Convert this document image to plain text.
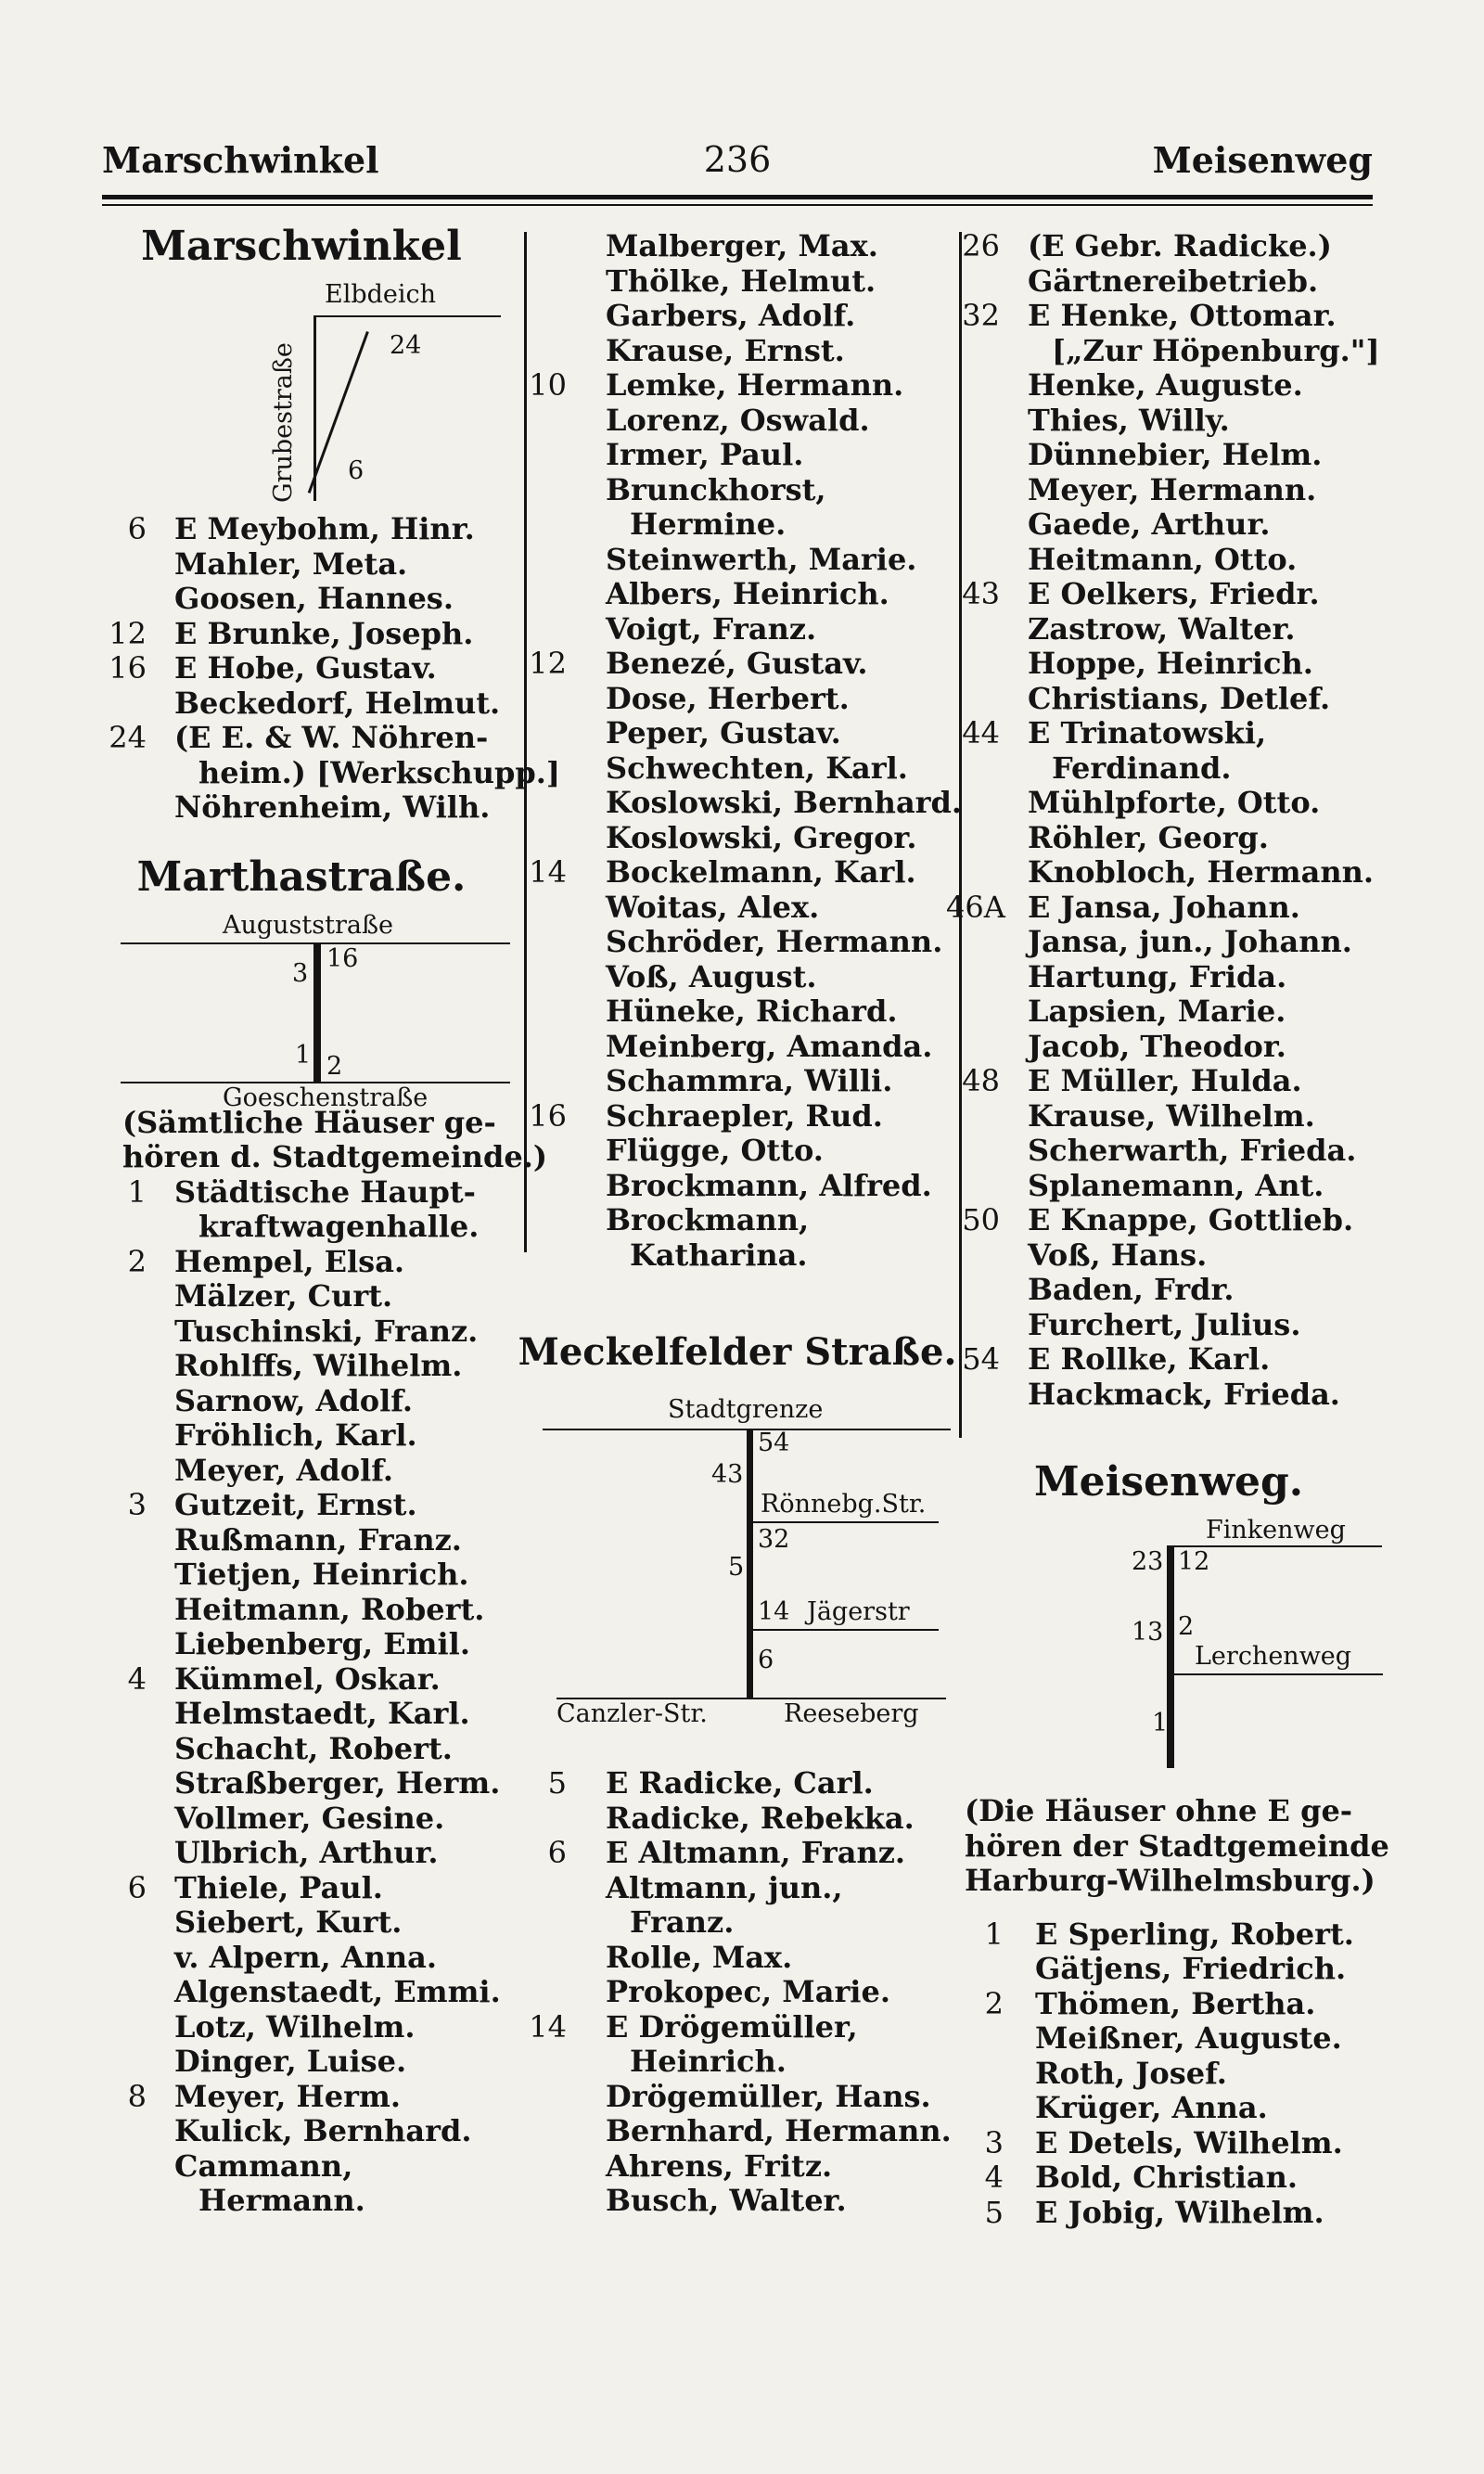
Marschwinkel	236	Meisenweg
Marschwinkel
Elbdeich
Grubestraße	24
6
6 E Meybohm, Hinr.
Mahler, Meta.
Goosen, Hannes.
12 E Brunke, Joseph.
16 E Hobe, Gustav.
Beckedorf, Helmut.
24 (E E. & W. Nöhren-
heim.) [Werkschupp.]
Nöhrenheim, Wilh.
Marthastraße.
Auguststraße
3
16
1 2
Goeschenstraße
(Sämtliche Häuser ge-
hören d. Stadtgemeinde.)
1 Städtische Haupt-
kraftwagenhalle.
2 Hempel, Elsa.
Mälzer, Curt.
Tuschinski, Franz.
Rohlffs, Wilhelm.
Sarnow, Adolf.
Fröhlich, Karl.
Meyer, Adolf.
3 Gutzeit, Ernst.
Rußmann, Franz.
Tietjen, Heinrich.
Heitmann, Robert.
Liebenberg, Emil.
4 Kümmel, Oskar.
Helmstaedt, Karl.
Schacht, Robert.
Straßberger, Herm.
Vollmer, Gesine.
Ulbrich, Arthur.
6 Thiele, Paul.
Siebert, Kurt.
v. Alpern, Anna.
Algenstaedt, Emmi.
Lotz, Wilhelm.
Dinger, Luise.
8 Meyer, Herm.
Kulick, Bernhard.
Cammann,
Hermann.
Malberger, Max.
Thölke, Helmut.
Garbers, Adolf.
Krause, Ernst.
10 Lemke, Hermann.
Lorenz, Oswald.
Irmer, Paul.
Brunckhorst,
Hermine.
Steinwerth, Marie.
Albers, Heinrich.
Voigt, Franz.
12 Benezé, Gustav.
Dose, Herbert.
Peper, Gustav.
Schwechten, Karl.
Koslowski, Bernhard.
Koslowski, Gregor.
14 Bockelmann, Karl.
Woitas, Alex.
Schröder, Hermann.
Voß, August.
Hüneke, Richard.
Meinberg, Amanda.
Schammra, Willi.
16 Schraepler, Rud.
Flügge, Otto.
Brockmann, Alfred.
Brockmann,
Katharina.
Meckelfelder Straße.
Stadtgrenze
54
43
Rönnebg.Str.
32
5
14 Jägerstr
6
Canzler-Str.	Reeseberg
5 E Radicke, Carl.
Radicke, Rebekka.
6 E Altmann, Franz.
Altmann, jun.,
Franz.
Rolle, Max.
Prokopec, Marie.
14 E Drögemüller,
Heinrich.
Drögemüller, Hans.
Bernhard, Hermann.
Ahrens, Fritz.
Busch, Walter.
26 (E Gebr. Radicke.)
Gärtnereibetrieb.
32 E Henke, Ottomar.
[„Zur Höpenburg."]
Henke, Auguste.
Thies, Willy.
Dünnebier, Helm.
Meyer, Hermann.
Gaede, Arthur.
Heitmann, Otto.
43 E Oelkers, Friedr.
Zastrow, Walter.
Hoppe, Heinrich.
Christians, Detlef.
44 E Trinatowski,
Ferdinand.
Mühlpforte, Otto.
Röhler, Georg.
Knobloch, Hermann.
46A E Jansa, Johann.
Jansa, jun., Johann.
Hartung, Frida.
Lapsien, Marie.
Jacob, Theodor.
48 E Müller, Hulda.
Krause, Wilhelm.
Scherwarth, Frieda.
Splanemann, Ant.
50 E Knappe, Gottlieb.
Voß, Hans.
Baden, Frdr.
Furchert, Julius.
54 E Rollke, Karl.
Hackmack, Frieda.
Meisenweg.
Finkenweg
23 12
13 2
Lerchenweg
1
(Die Häuser ohne E ge-
hören der Stadtgemeinde
Harburg-Wilhelmsburg.)
1 E Sperling, Robert.
Gätjens, Friedrich.
2 Thömen, Bertha.
Meißner, Auguste.
Roth, Josef.
Krüger, Anna.
3 E Detels, Wilhelm.
4 Bold, Christian.
5 E Jobig, Wilhelm.
